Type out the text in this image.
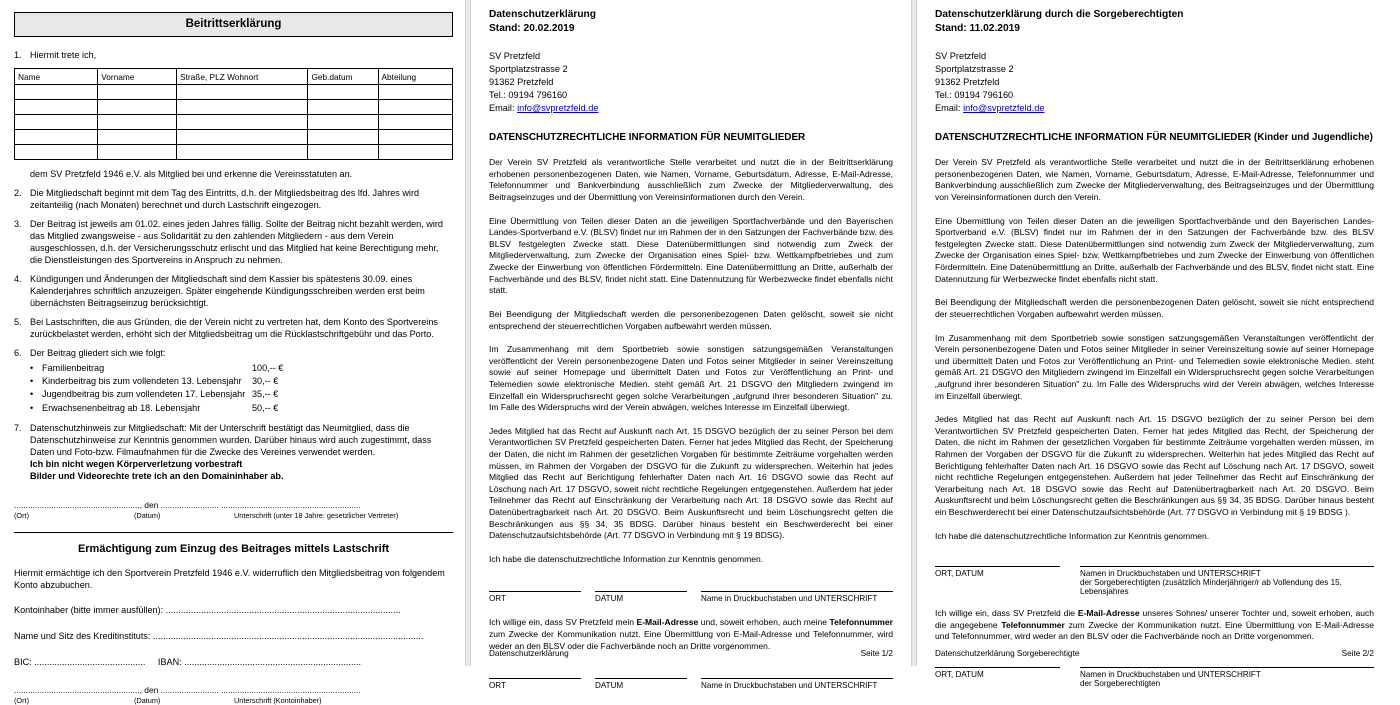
Beitrittserklärung
1. Hiermit trete ich,
Name	Vorname	Straße, PLZ Wohnort	Geb.datum	Abteilung

dem SV Pretzfeld 1946 e.V. als Mitglied bei und erkenne die Vereinsstatuten an.
2. Die Mitgliedschaft beginnt mit dem Tag des Eintritts, d.h. der Mitgliedsbeitrag des lfd. Jahres wird zeitanteilig (nach Monaten) berechnet und durch Lastschrift eingezogen.
3. Der Beitrag ist jeweils am 01.02. eines jeden Jahres fällig. Sollte der Beitrag nicht bezahlt werden, wird das Mitglied zwangsweise - aus Solidarität zu den zahlenden Mitgliedern - aus dem Verein ausgeschlossen, d.h. der Versicherungsschutz erlischt und das Mitglied hat keine Berechtigung mehr, die Dienstleistungen des Sportvereins in Anspruch zu nehmen.
4. Kündigungen und Änderungen der Mitgliedschaft sind dem Kassier bis spätestens 30.09. eines Kalenderjahres schriftlich anzuzeigen. Später eingehende Kündigungsschreiben werden erst beim übernächsten Beitragseinzug berücksichtigt.
5. Bei Lastschriften, die aus Gründen, die der Verein nicht zu vertreten hat, dem Konto des Sportvereins zurückbelastet werden, erhöht sich der Mitgliedsbeitrag um die Rücklastschriftgebühr und das Porto.
6. Der Beitrag gliedert sich wie folgt:
• Familienbeitrag	100,-- €
• Kinderbeitrag bis zum vollendeten 13. Lebensjahr	30,-- €
• Jugendbeitrag bis zum vollendeten 17. Lebensjahr 35,-- €
• Erwachsenenbeitrag ab 18. Lebensjahr	50,-- €
7. Datenschutzhinweis zur Mitgliedschaft: Mit der Unterschrift bestätigt das Neumitglied, dass die Datenschutzhinweise zur Kenntnis genommen wurden. Darüber hinaus wird auch zugestimmt, dass Daten und Foto-bzw. Filmaufnahmen für die Zwecke des Vereines verwendet werden.
Ich bin nicht wegen Körperverletzung vorbestraft
Bilder und Videorechte trete ich an den Domaininhaber ab.
......................................................, den ......................... ............................................................
(Ort)	(Datum)	Unterschrift (unter 18 Jahre: gesetzlicher Vertreter)
Ermächtigung zum Einzug des Beitrages mittels Lastschrift
Hiermit ermächtige ich den Sportverein Pretzfeld 1946 e.V. widerruflich den Mitgliedsbeitrag von folgendem Konto abzubuchen.
Kontoinhaber (bitte immer ausfüllen): .............................................................................................
Name und Sitz des Kreditinstituts: ...........................................................................................................
BIC: ............................................ IBAN: ......................................................................
......................................................, den ......................... ............................................................
(Ort)	(Datum)	Unterschrift (Kontoinhaber)
Datenschutzerklärung
Stand: 20.02.2019
SV Pretzfeld
Sportplatzstrasse 2
91362 Pretzfeld
Tel.: 09194 796160
Email: info@svpretzfeld.de
DATENSCHUTZRECHTLICHE INFORMATION FÜR NEUMITGLIEDER
Der Verein SV Pretzfeld als verantwortliche Stelle verarbeitet und nutzt die in der Beitrittserklärung erhobenen personenbezogenen Daten, wie Namen, Vorname, Geburtsdatum, Adresse, E-Mail-Adresse, Telefonnummer und Bankverbindung ausschließlich zum Zwecke der Mitgliederverwaltung, des Beitragseinzuges und der Übermittlung von Vereinsinformationen durch den Verein.
Eine Übermittlung von Teilen dieser Daten an die jeweiligen Sportfachverbände und den Bayerischen Landes-Sportverband e.V. (BLSV) findet nur im Rahmen der in den Satzungen der Fachverbände bzw. des BLSV festgelegten Zwecke statt. Diese Datenübermittlungen sind notwendig zum Zweck der Mitgliederverwaltung, zum Zwecke der Organisation eines Spiel- bzw. Wettkampfbetriebes und zum Zwecke der Einwerbung von öffentlichen Fördermitteln. Eine Datenübermittlung an Dritte, außerhalb der Fachverbände und des BLSV, findet nicht statt. Eine Datennutzung für Werbezwecke findet ebenfalls nicht statt.
Bei Beendigung der Mitgliedschaft werden die personenbezogenen Daten gelöscht, soweit sie nicht entsprechend der steuerrechtlichen Vorgaben aufbewahrt werden müssen.
Im Zusammenhang mit dem Sportbetrieb sowie sonstigen satzungsgemäßen Veranstaltungen veröffentlicht der Verein personenbezogene Daten und Fotos seiner Mitglieder in seiner Vereinszeitung sowie auf seiner Homepage und übermittelt Daten und Fotos zur Veröffentlichung an Print- und Telemedien sowie elektronische Medien. steht gemäß Art. 21 DSGVO den Mitgliedern zwingend im Einzelfall ein Widerspruchsrecht gegen solche Verarbeitungen „aufgrund ihrer besonderen Situation" zu. Im Falle des Widerspruchs wird der Verein abwägen, welches Interesse im Einzelfall überwiegt.
Jedes Mitglied hat das Recht auf Auskunft nach Art. 15 DSGVO bezüglich der zu seiner Person bei dem Verantwortlichen SV Pretzfeld gespeicherten Daten. Ferner hat jedes Mitglied das Recht, der Speicherung der Daten, die nicht im Rahmen der gesetzlichen Vorgaben für bestimmte Zeiträume vorgehalten werden müssen, im Rahmen der Vorgaben der DSGVO für die Zukunft zu widersprechen. Weiterhin hat jedes Mitglied das Recht auf Berichtigung fehlerhafter Daten nach Art. 16 DSGVO sowie das Recht auf Löschung nach Art. 17 DSGVO, soweit nicht rechtliche Regelungen entgegenstehen. Außerdem hat jeder Teilnehmer das Recht auf Einschränkung der Verarbeitung nach Art. 18 DSGVO sowie das Recht auf Datenübertragbarkeit nach Art. 20 DSGVO. Beim Auskunftsrecht und beim Löschungsrecht gelten die Beschränkungen aus §§ 34, 35 BDSG. Darüber hinaus besteht ein Beschwerderecht bei einer Datenschutzaufsichtsbehörde (Art. 77 DSGVO in Verbindung mit § 19 BDSG).
Ich habe die datenschutzrechtliche Information zur Kenntnis genommen.
ORT	DATUM	Name in Druckbuchstaben und UNTERSCHRIFT
Ich willige ein, dass SV Pretzfeld mein E-Mail-Adresse und, soweit erhoben, auch meine Telefonnummer zum Zwecke der Kommunikation nutzt. Eine Übermittlung von E-Mail-Adresse und Telefonnummer, wird weder an den BLSV oder die Fachverbände noch an Dritte vorgenommen.
ORT	DATUM	Name in Druckbuchstaben und UNTERSCHRIFT
Datenschutzerklärung	Seite 1/2
Datenschutzerklärung durch die Sorgeberechtigten
Stand: 11.02.2019
SV Pretzfeld
Sportplatzstrasse 2
91362 Pretzfeld
Tel.: 09194 796160
Email: info@svpretzfeld.de
DATENSCHUTZRECHTLICHE INFORMATION FÜR NEUMITGLIEDER (Kinder und Jugendliche)
Der Verein SV Pretzfeld als verantwortliche Stelle verarbeitet und nutzt die in der Beitrittserklärung erhobenen personenbezogenen Daten, wie Namen, Vorname, Geburtsdatum, Adresse, E-Mail-Adresse, Telefonnummer und Bankverbindung ausschließlich zum Zwecke der Mitgliederverwaltung, des Beitragseinzuges und der Übermittlung von Vereinsinformationen durch den Verein.
Eine Übermittlung von Teilen dieser Daten an die jeweiligen Sportfachverbände und den Bayerischen Landes-Sportverband e.V. (BLSV) findet nur im Rahmen der in den Satzungen der Fachverbände bzw. des BLSV festgelegten Zwecke statt. Diese Datenübermittlungen sind notwendig zum Zweck der Mitgliederverwaltung, zum Zwecke der Organisation eines Spiel- bzw. Wettkampfbetriebes und zum Zwecke der Einwerbung von öffentlichen Fördermitteln. Eine Datenübermittlung an Dritte, außerhalb der Fachverbände und des BLSV, findet nicht statt. Eine Datennutzung für Werbezwecke findet ebenfalls nicht statt.
Bei Beendigung der Mitgliedschaft werden die personenbezogenen Daten gelöscht, soweit sie nicht entsprechend der steuerrechtlichen Vorgaben aufbewahrt werden müssen.
Im Zusammenhang mit dem Sportbetrieb sowie sonstigen satzungsgemäßen Veranstaltungen veröffentlicht der Verein personenbezogene Daten und Fotos seiner Mitglieder in seiner Vereinszeitung sowie auf seiner Homepage und übermittelt Daten und Fotos zur Veröffentlichung an Print- und Telemedien sowie elektronische Medien. steht gemäß Art. 21 DSGVO den Mitgliedern zwingend im Einzelfall ein Widerspruchsrecht gegen solche Verarbeitungen „aufgrund ihrer besonderen Situation" zu. Im Falle des Widerspruchs wird der Verein abwägen, welches Interesse im Einzelfall überwiegt.
Jedes Mitglied hat das Recht auf Auskunft nach Art. 15 DSGVO bezüglich der zu seiner Person bei dem Verantwortlichen SV Pretzfeld gespeicherten Daten. Ferner hat jedes Mitglied das Recht, der Speicherung der Daten, die nicht im Rahmen der gesetzlichen Vorgaben für bestimmte Zeiträume vorgehalten werden müssen, im Rahmen der Vorgaben der DSGVO für die Zukunft zu widersprechen. Weiterhin hat jedes Mitglied das Recht auf Berichtigung fehlerhafter Daten nach Art. 16 DSGVO sowie das Recht auf Löschung nach Art. 17 DSGVO, soweit nicht rechtliche Regelungen entgegenstehen. Außerdem hat jeder Teilnehmer das Recht auf Einschränkung der Verarbeitung nach Art. 18 DSGVO sowie das Recht auf Datenübertragbarkeit nach Art. 20 DSGVO. Beim Auskunftsrecht und beim Löschungsrecht gelten die Beschränkungen aus §§ 34, 35 BDSG. Darüber hinaus besteht ein Beschwerderecht bei einer Datenschutzaufsichtsbehörde (Art. 77 DSGVO in Verbindung mit § 19 BDSG ).
Ich habe die datenschutzrechtliche Information zur Kenntnis genommen.
ORT, DATUM	Namen in Druckbuchstaben und UNTERSCHRIFT
der Sorgeberechtigten (zusätzlich Minderjähriger/r ab Vollendung des 15. Lebensjahres
Ich willige ein, dass SV Pretzfeld die E-Mail-Adresse unseres Sohnes/ unserer Tochter und, soweit erhoben, auch die angegebene Telefonnummer zum Zwecke der Kommunikation nutzt. Eine Übermittlung von E-Mail-Adresse und Telefonnummer, wird weder an den BLSV oder die Fachverbände noch an Dritte vorgenommen.
ORT, DATUM	Namen in Druckbuchstaben und UNTERSCHRIFT
der Sorgeberechtigten
Datenschutzerklärung Sorgeberechtigte	Seite 2/2
